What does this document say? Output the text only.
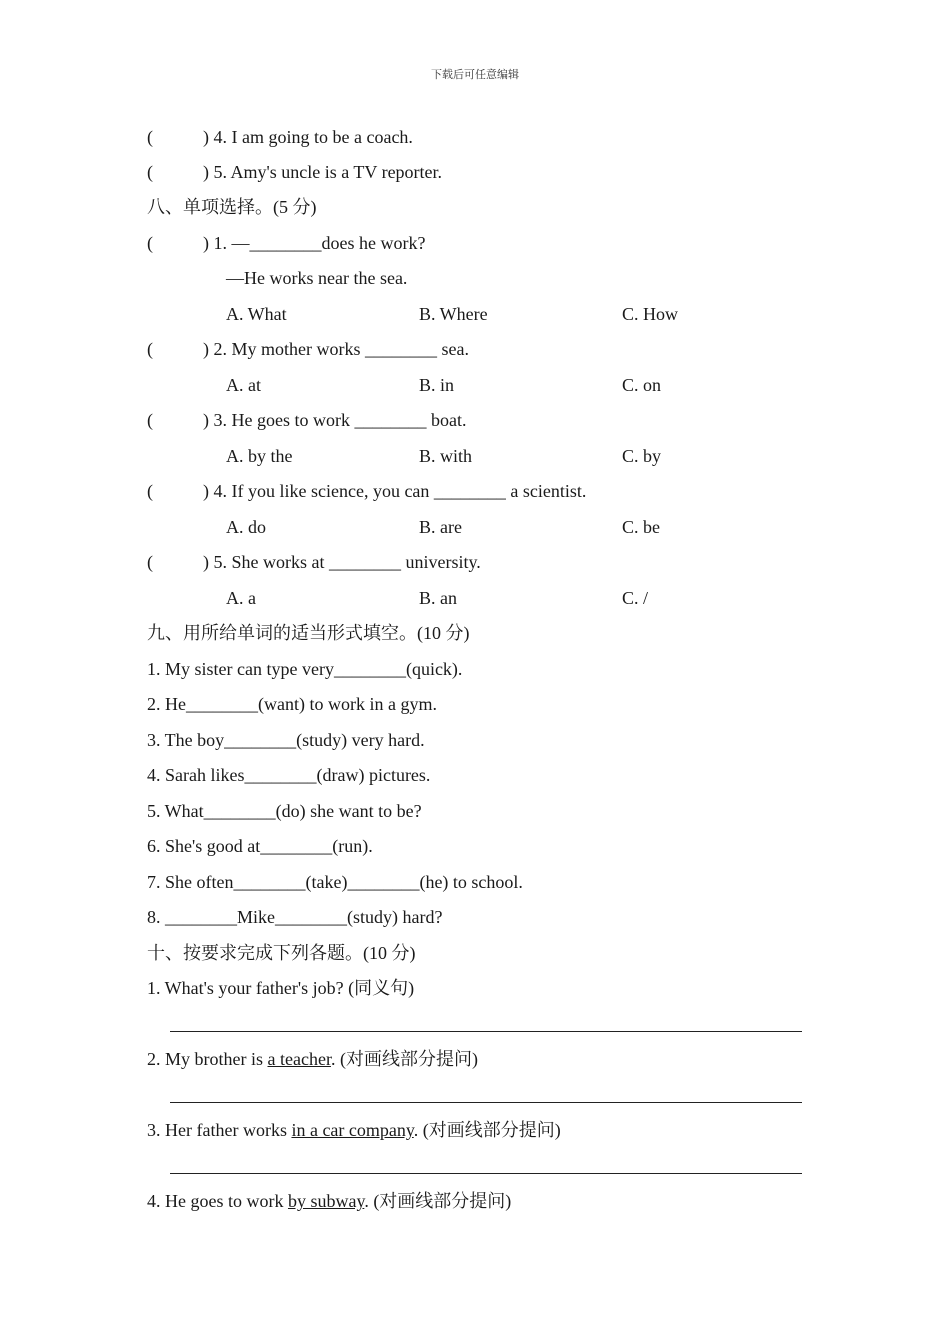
下载后可任意编辑
(	) 4. I am going to be a coach.
(	) 5. Amy's uncle is a TV reporter.
八、单项选择。(5 分)
(	) 1. —________does he work?
—He works near the sea.
A. What	B. Where	C. How
(	) 2. My mother works ________ sea.
A. at	B. in	C. on
(	) 3. He goes to work ________ boat.
A. by the	B. with	C. by
(	) 4. If you like science, you can ________ a scientist.
A. do	B. are	C. be
(	) 5. She works at ________ university.
A. a	B. an	C. /
九、用所给单词的适当形式填空。(10 分)
1. My sister can type very________(quick).
2. He________(want) to work in a gym.
3. The boy________(study) very hard.
4. Sarah likes________(draw) pictures.
5. What________(do) she want to be?
6. She's good at________(run).
7. She often________(take)________(he) to school.
8. ________Mike________(study) hard?
十、按要求完成下列各题。(10 分)
1. What's your father's job? (同义句)
2. My brother is a teacher. (对画线部分提问)
3. Her father works in a car company. (对画线部分提问)
4. He goes to work by subway. (对画线部分提问)
